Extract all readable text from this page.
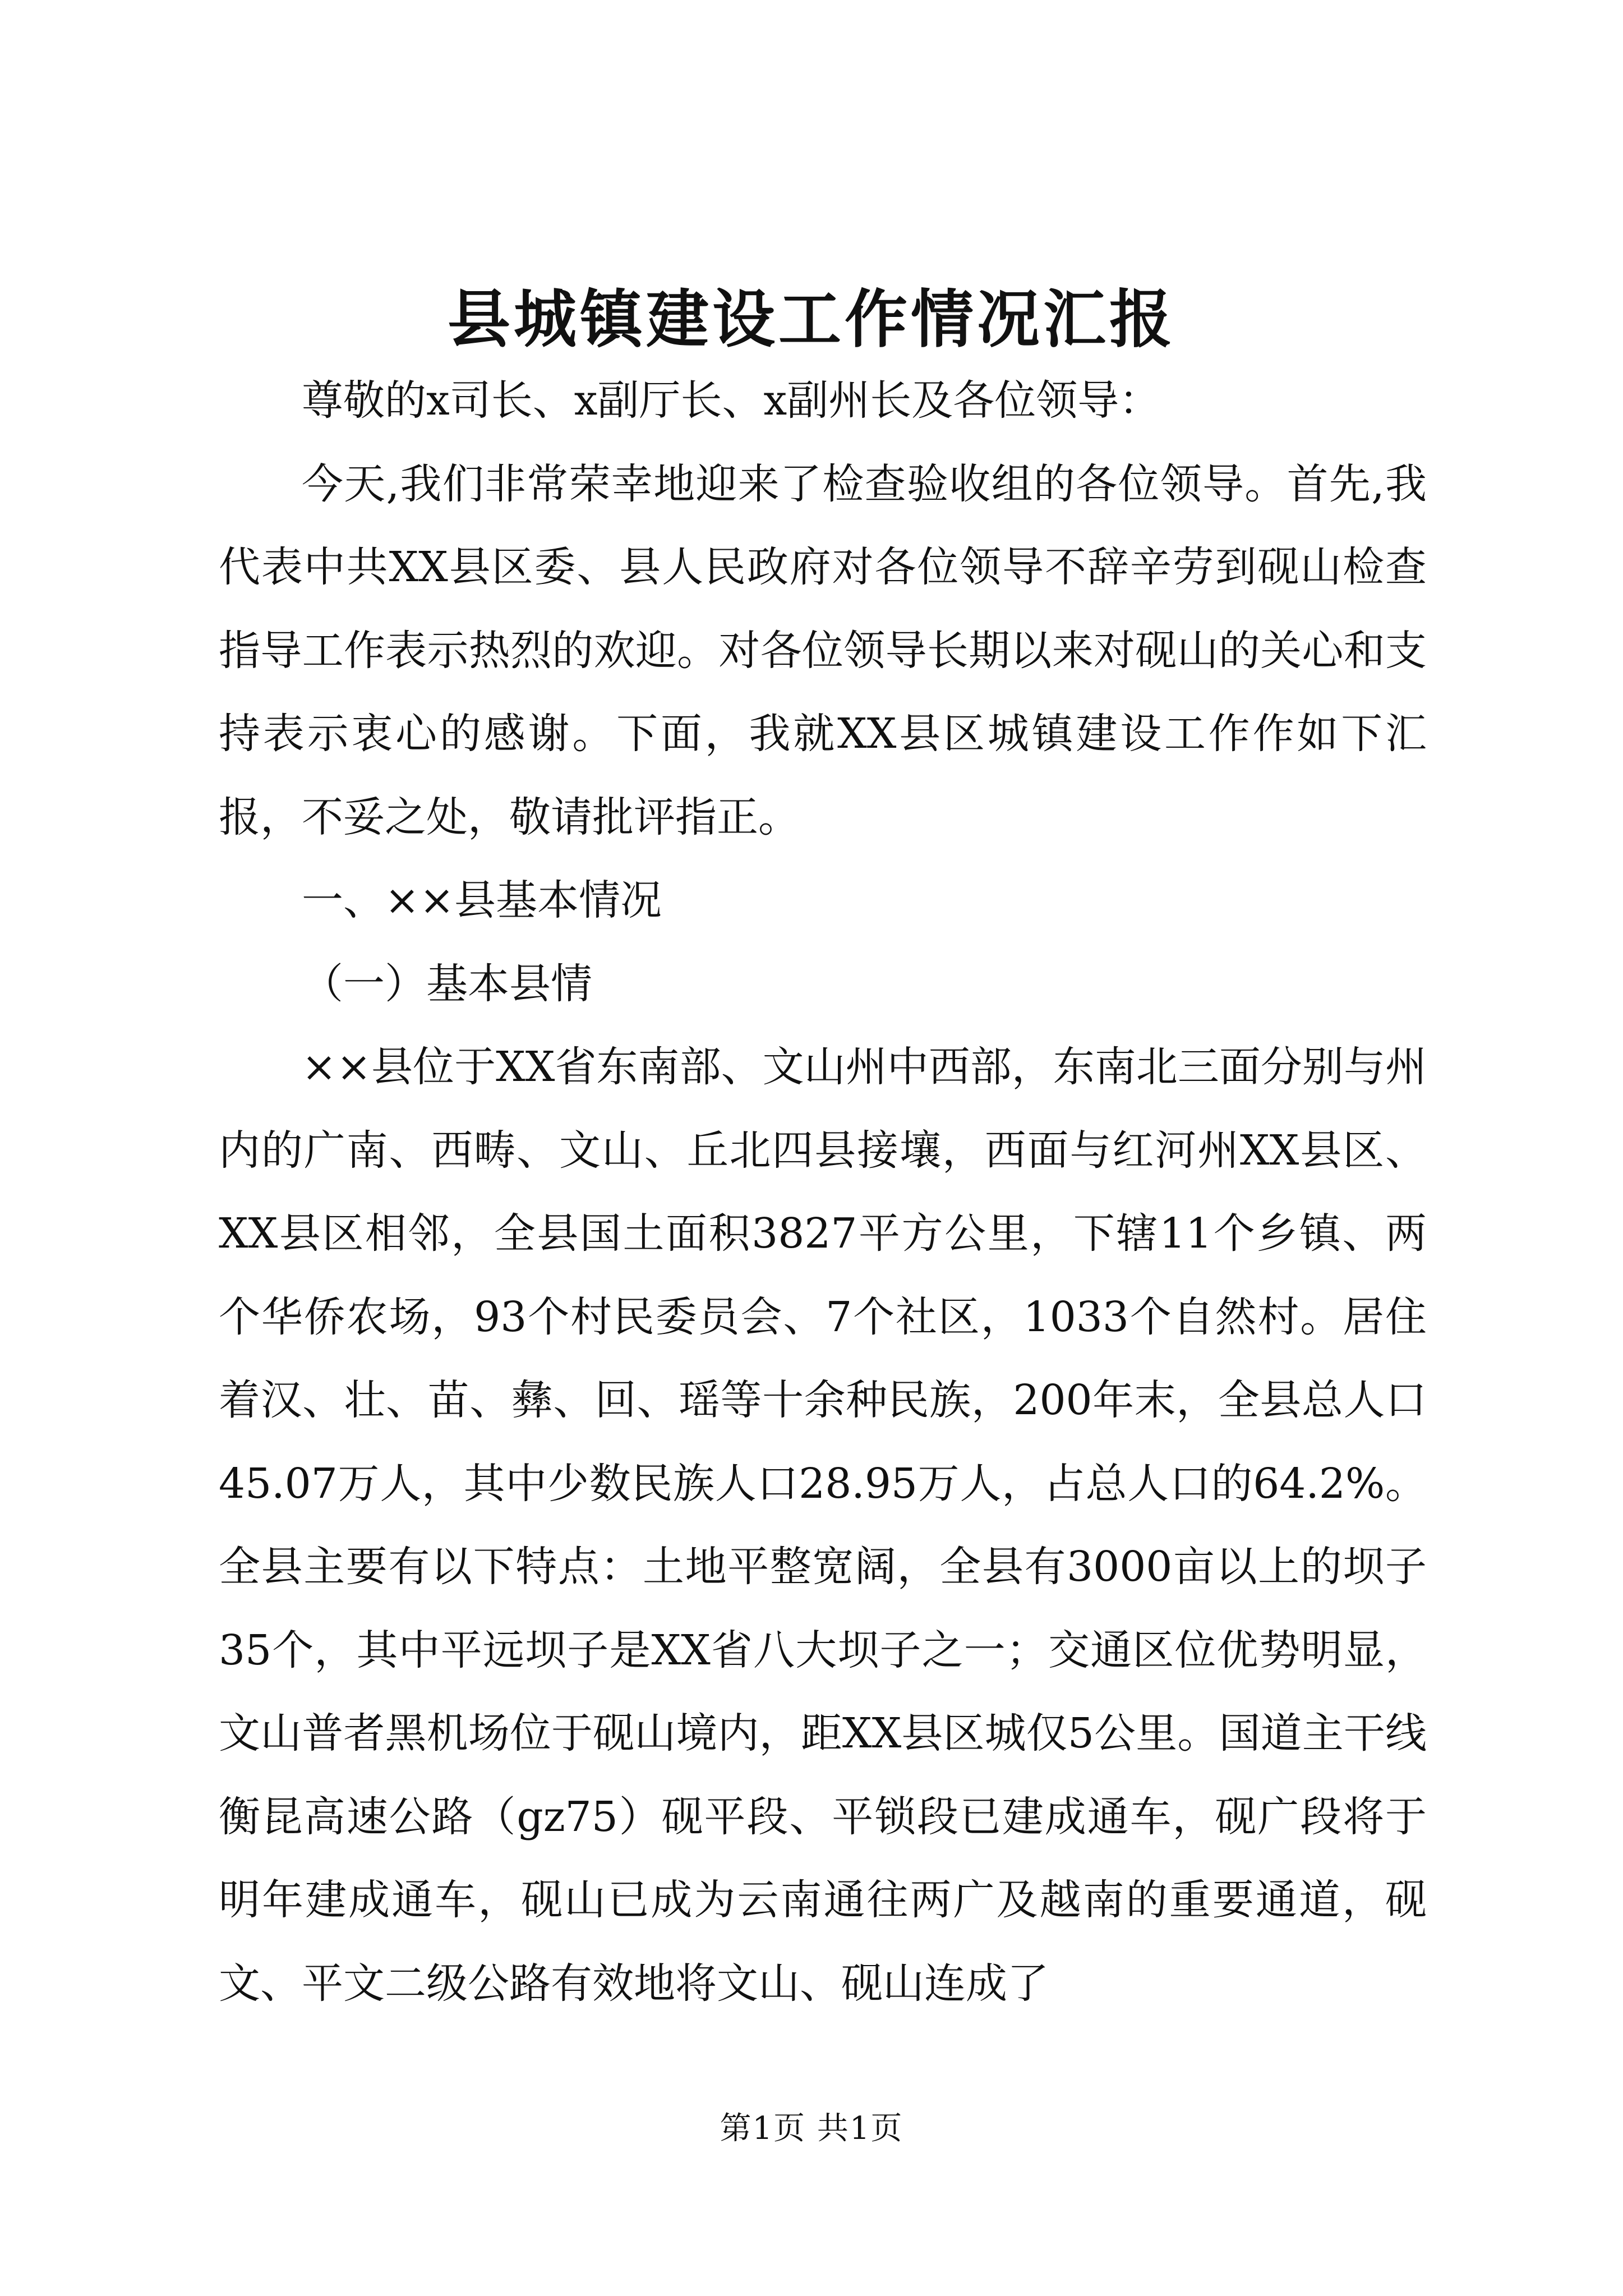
县城镇建设工作情况汇报

尊敬的x司长、x副厅长、x副州长及各位领导：

今天,我们非常荣幸地迎来了检查验收组的各位领导。首先,我代表中共XX县区委、县人民政府对各位领导不辞辛劳到砚山检查指导工作表示热烈的欢迎。对各位领导长期以来对砚山的关心和支持表示衷心的感谢。下面，我就XX县区城镇建设工作作如下汇报，不妥之处，敬请批评指正。

一、××县基本情况

（一）基本县情

××县位于XX省东南部、文山州中西部，东南北三面分别与州内的广南、西畴、文山、丘北四县接壤，西面与红河州XX县区、XX县区相邻，全县国土面积3827平方公里，下辖11个乡镇、两个华侨农场，93个村民委员会、7个社区，1033个自然村。居住着汉、壮、苗、彝、回、瑶等十余种民族，200年末，全县总人口45.07万人，其中少数民族人口28.95万人，占总人口的64.2%。全县主要有以下特点：土地平整宽阔，全县有3000亩以上的坝子35个，其中平远坝子是XX省八大坝子之一；交通区位优势明显，文山普者黑机场位于砚山境内，距XX县区城仅5公里。国道主干线衡昆高速公路（gz75）砚平段、平锁段已建成通车，砚广段将于明年建成通车，砚山已成为云南通往两广及越南的重要通道，砚文、平文二级公路有效地将文山、砚山连成了

第1页 共1页
